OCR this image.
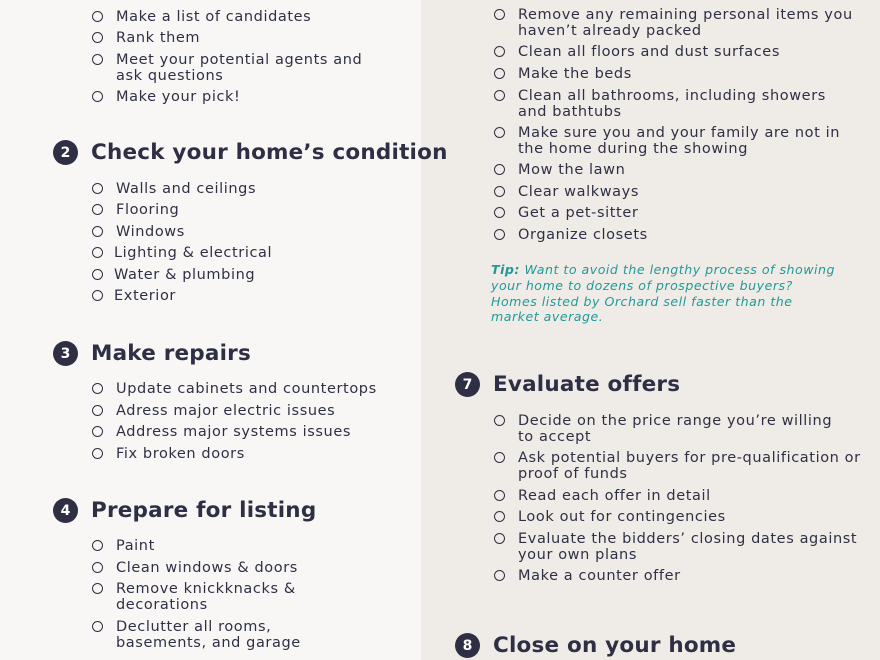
Make a list of candidates
Rank them
Meet your potential agents and
ask questions
Make your pick!
2 Check your home’s condition
Walls and ceilings
Flooring
Windows
Lighting & electrical
Water & plumbing
Exterior
3 Make repairs
Update cabinets and countertops
Adress major electric issues
Address major systems issues
Fix broken doors
4 Prepare for listing
Paint
Clean windows & doors
Remove knickknacks &
decorations
Declutter all rooms,
basements, and garage
Remove any remaining personal items you
haven’t already packed
Clean all floors and dust surfaces
Make the beds
Clean all bathrooms, including showers
and bathtubs
Make sure you and your family are not in
the home during the showing
Mow the lawn
Clear walkways
Get a pet-sitter
Organize closets
Tip: Want to avoid the lengthy process of showing your home to dozens of prospective buyers? Homes listed by Orchard sell faster than the market average.
7 Evaluate offers
Decide on the price range you’re willing
to accept
Ask potential buyers for pre-qualification or
proof of funds
Read each offer in detail
Look out for contingencies
Evaluate the bidders’ closing dates against
your own plans
Make a counter offer
8 Close on your home
